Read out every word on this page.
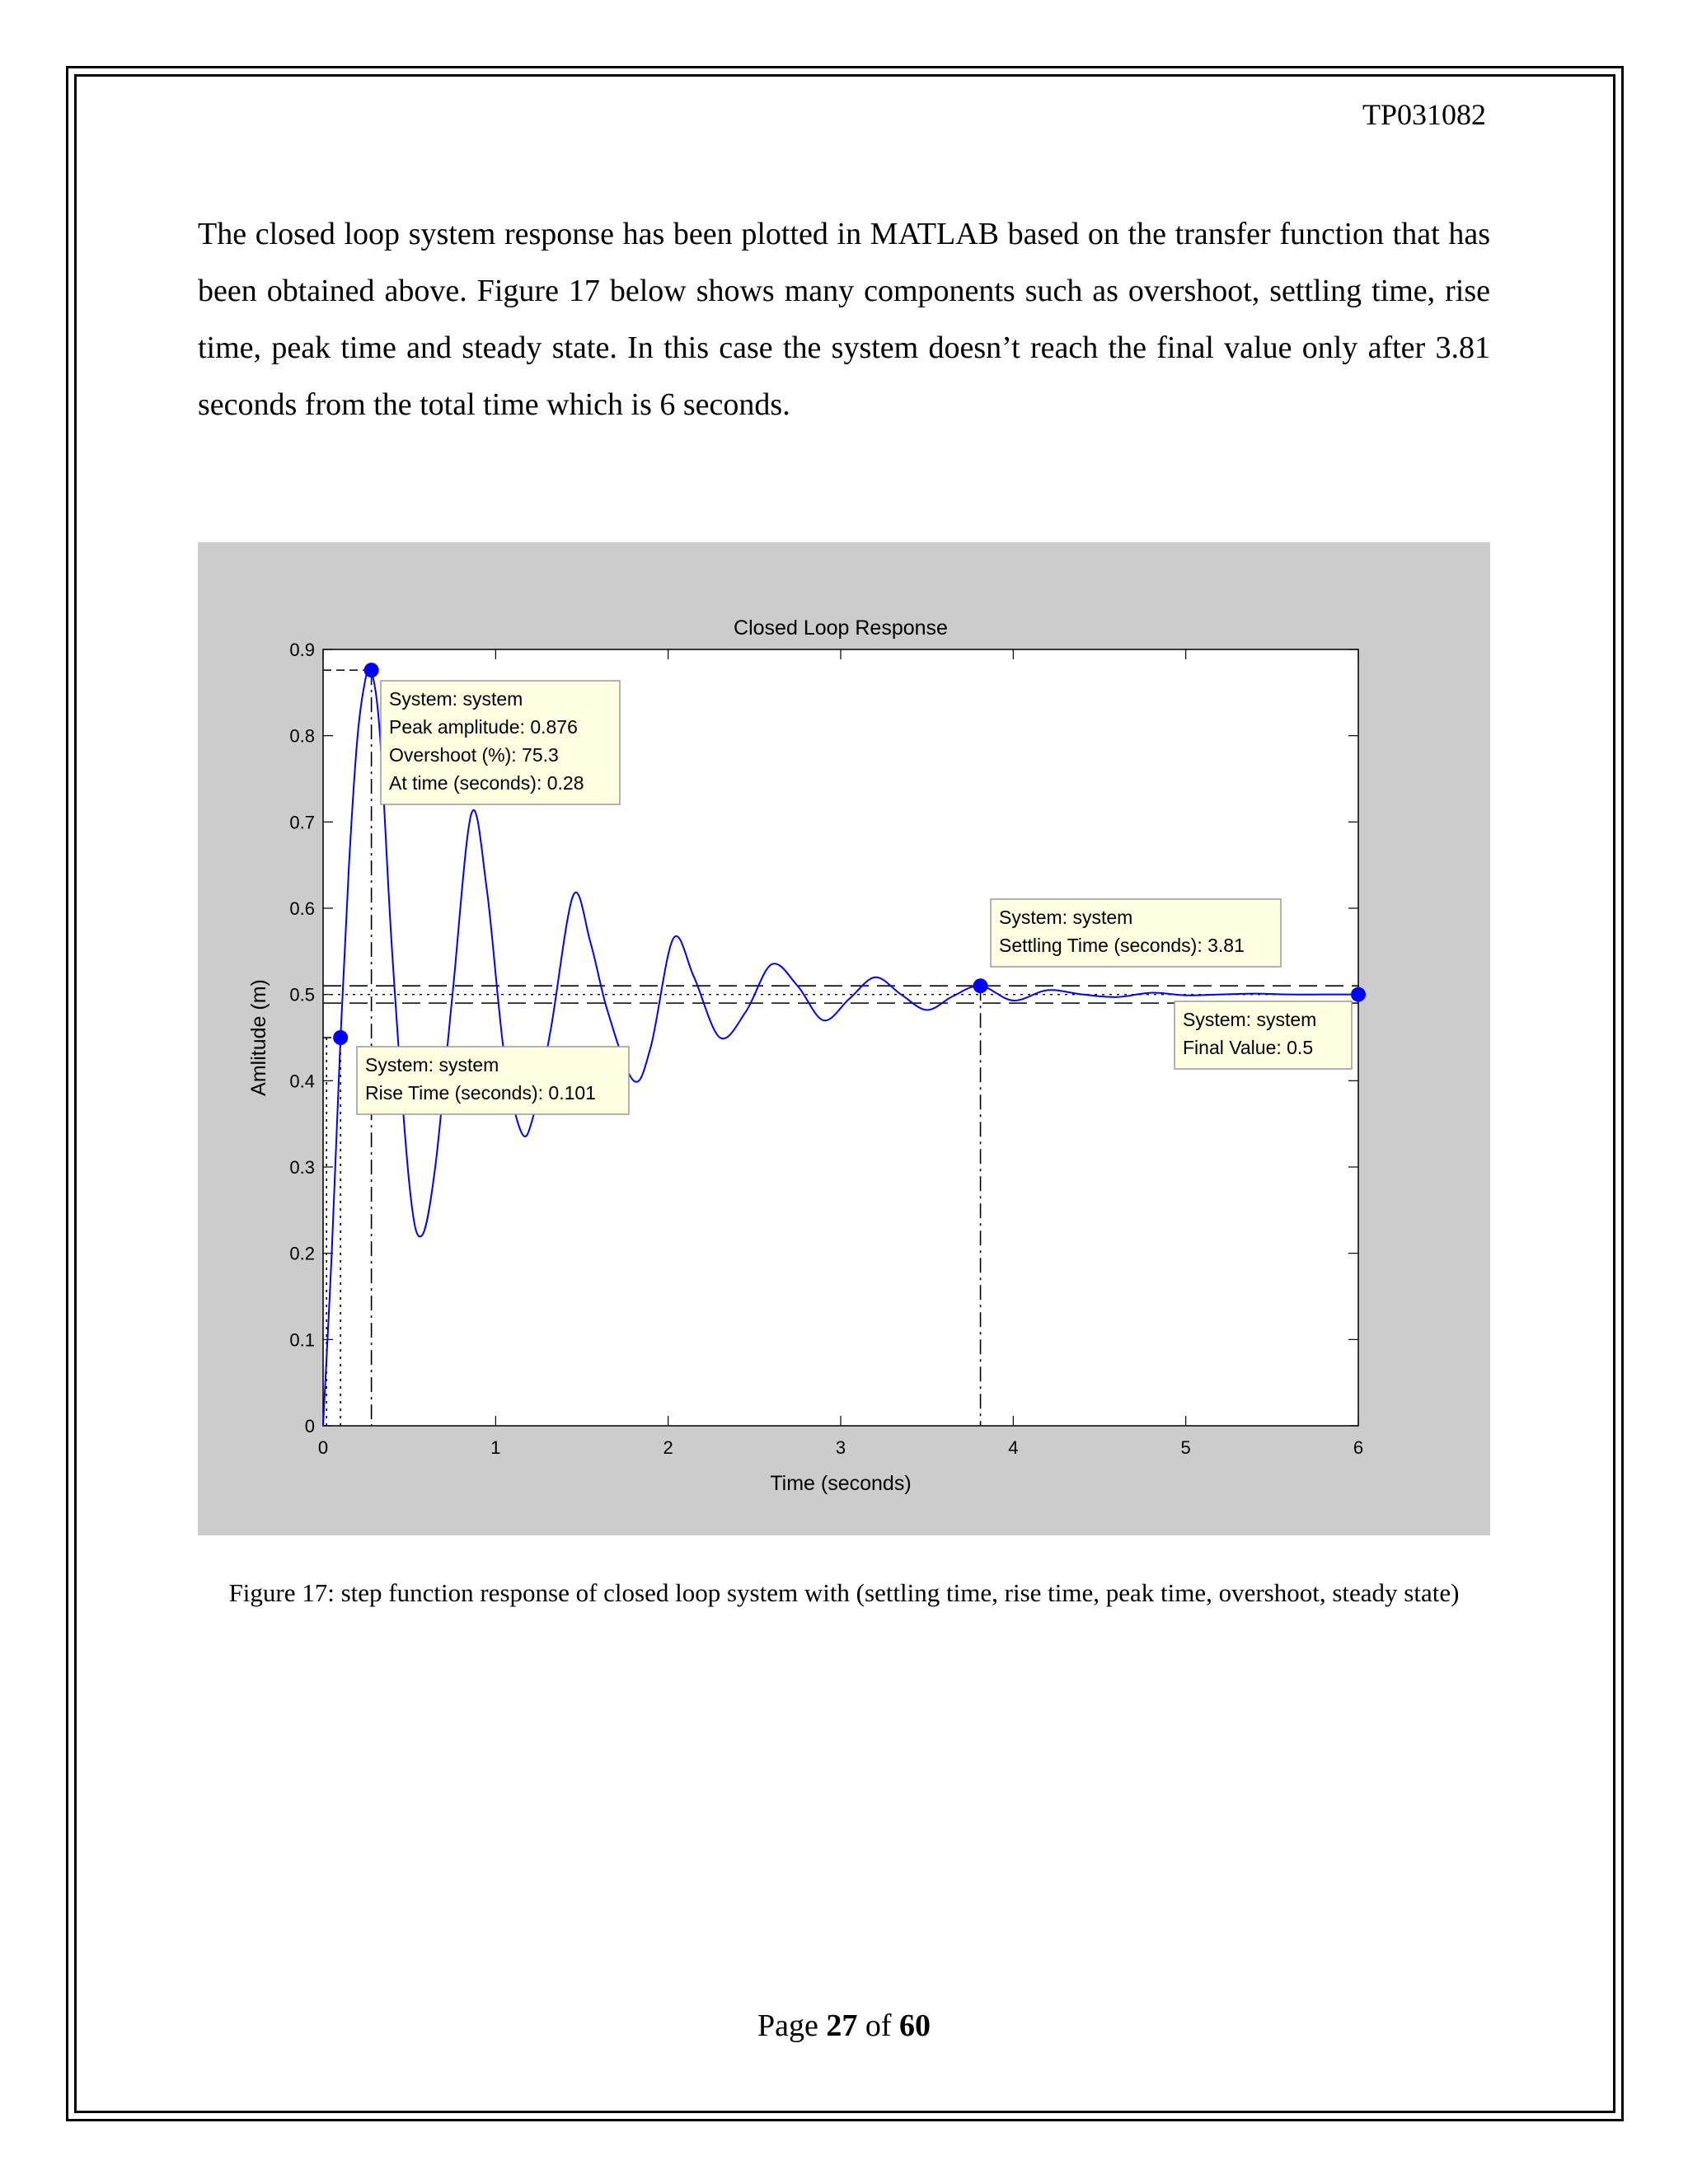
TP031082

The closed loop system response has been plotted in MATLAB based on the transfer function that has been obtained above. Figure 17 below shows many components such as overshoot, settling time, rise time, peak time and steady state. In this case the system doesn’t reach the final value only after 3.81 seconds from the total time which is 6 seconds.

0	1	2	3	4	5	6
0
0.1
0.2
0.3
0.4
0.5
0.6
0.7
0.8
0.9
Closed Loop Response
Time (seconds)
Amlitude (m)
System: system
Peak amplitude: 0.876
Overshoot (%): 75.3
At time (seconds): 0.28
System: system
Settling Time (seconds): 3.81
System: system
Final Value: 0.5
System: system
Rise Time (seconds): 0.101

Figure 17: step function response of closed loop system with (settling time, rise time, peak time, overshoot, steady state)

Page 27 of 60
